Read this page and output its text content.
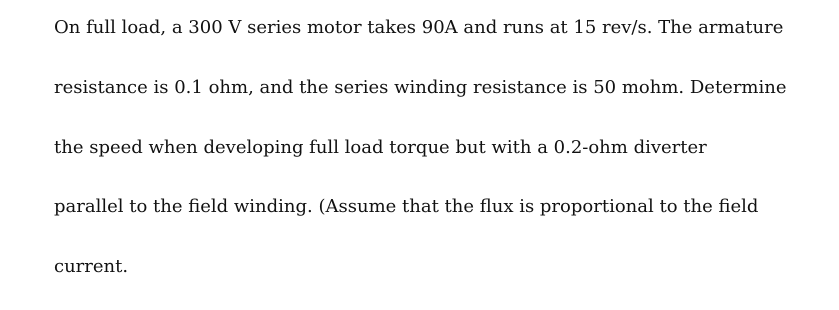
On full load, a 300 V series motor takes 90A and runs at 15 rev/s. The armature

resistance is 0.1 ohm, and the series winding resistance is 50 mohm. Determine

the speed when developing full load torque but with a 0.2-ohm diverter

parallel to the field winding. (Assume that the flux is proportional to the field

current.
